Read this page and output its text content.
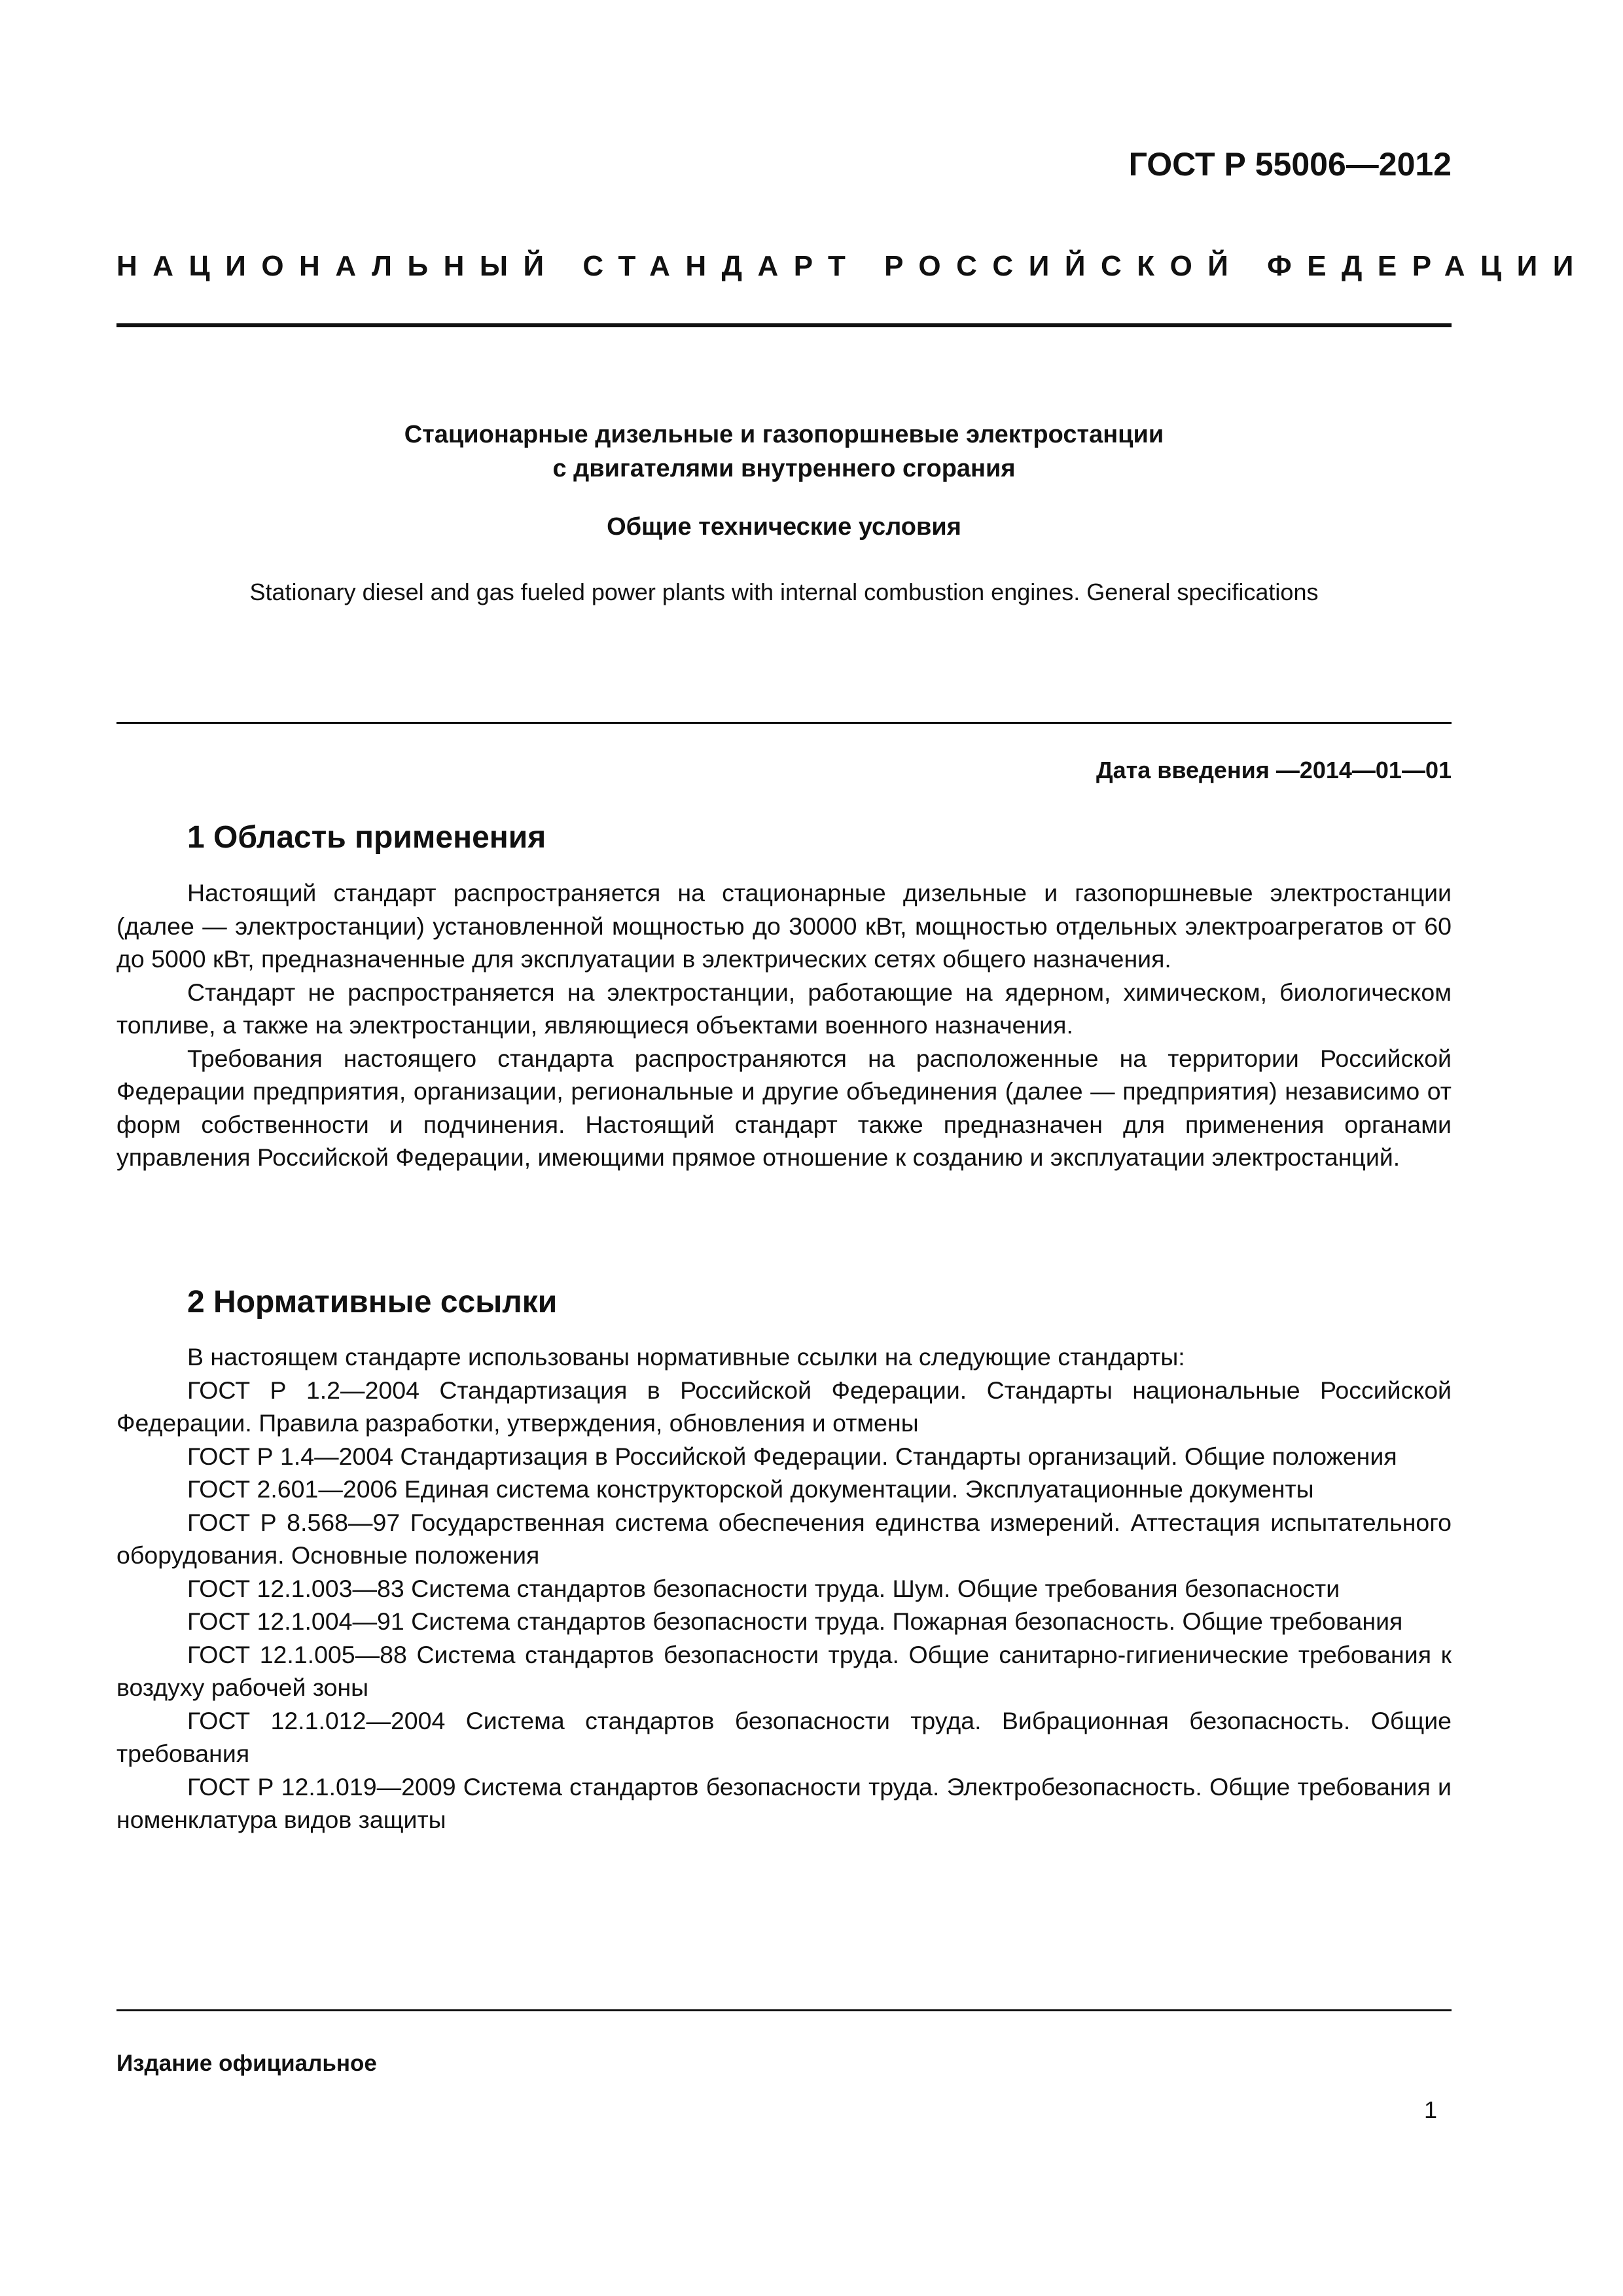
ГОСТ Р 55006—2012
НАЦИОНАЛЬНЫЙ СТАНДАРТ РОССИЙСКОЙ ФЕДЕРАЦИИ
Стационарные дизельные и газопоршневые электростанции
с двигателями внутреннего сгорания
Общие технические условия
Stationary diesel and gas fueled power plants with internal combustion engines. General specifications
Дата введения —2014—01—01
1 Область применения

Настоящий стандарт распространяется на стационарные дизельные и газопоршневые электростанции (далее — электростанции) установленной мощностью до 30000 кВт, мощностью отдельных электроагрегатов от 60 до 5000 кВт, предназначенные для эксплуатации в электрических сетях общего назначения.

Стандарт не распространяется на электростанции, работающие на ядерном, химическом, биологическом топливе, а также на электростанции, являющиеся объектами военного назначения.

Требования настоящего стандарта распространяются на расположенные на территории Российской Федерации предприятия, организации, региональные и другие объединения (далее — предприятия) независимо от форм собственности и подчинения. Настоящий стандарт также предназначен для применения органами управления Российской Федерации, имеющими прямое отношение к созданию и эксплуатации электростанций.

2 Нормативные ссылки

В настоящем стандарте использованы нормативные ссылки на следующие стандарты:

ГОСТ Р 1.2—2004 Стандартизация в Российской Федерации. Стандарты национальные Российской Федерации. Правила разработки, утверждения, обновления и отмены

ГОСТ Р 1.4—2004 Стандартизация в Российской Федерации. Стандарты организаций. Общие положения

ГОСТ 2.601—2006 Единая система конструкторской документации. Эксплуатационные документы

ГОСТ Р 8.568—97 Государственная система обеспечения единства измерений. Аттестация испытательного оборудования. Основные положения

ГОСТ 12.1.003—83 Система стандартов безопасности труда. Шум. Общие требования безопасности

ГОСТ 12.1.004—91 Система стандартов безопасности труда. Пожарная безопасность. Общие требования

ГОСТ 12.1.005—88 Система стандартов безопасности труда. Общие санитарно-гигиенические требования к воздуху рабочей зоны

ГОСТ 12.1.012—2004 Система стандартов безопасности труда. Вибрационная безопасность. Общие требования

ГОСТ Р 12.1.019—2009 Система стандартов безопасности труда. Электробезопасность. Общие требования и номенклатура видов защиты

Издание официальное
1
